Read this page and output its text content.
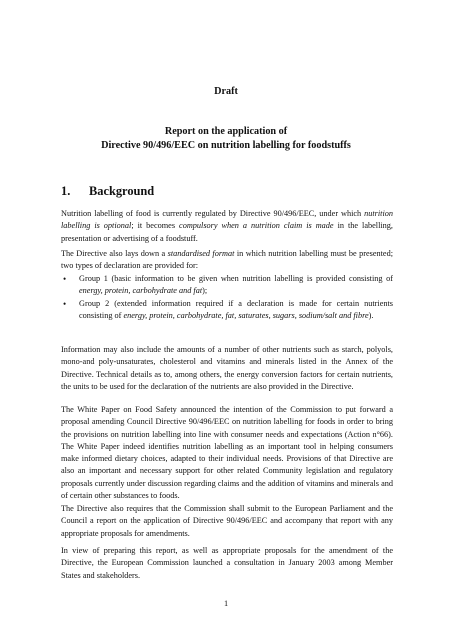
Draft
Report on the application of
Directive 90/496/EEC on nutrition labelling for foodstuffs
1. Background

Nutrition labelling of food is currently regulated by Directive 90/496/EEC, under which nutrition labelling is optional; it becomes compulsory when a nutrition claim is made in the labelling, presentation or advertising of a foodstuff.

The Directive also lays down a standardised format in which nutrition labelling must be presented; two types of declaration are provided for:

• Group 1 (basic information to be given when nutrition labelling is provided consisting of energy, protein, carbohydrate and fat);
• Group 2 (extended information required if a declaration is made for certain nutrients consisting of energy, protein, carbohydrate, fat, saturates, sugars, sodium/salt and fibre).

Information may also include the amounts of a number of other nutrients such as starch, polyols, mono-and poly-unsaturates, cholesterol and vitamins and minerals listed in the Annex of the Directive. Technical details as to, among others, the energy conversion factors for certain nutrients, the units to be used for the declaration of the nutrients are also provided in the Directive.

The White Paper on Food Safety announced the intention of the Commission to put forward a proposal amending Council Directive 90/496/EEC on nutrition labelling for foods in order to bring the provisions on nutrition labelling into line with consumer needs and expectations (Action n°66). The White Paper indeed identifies nutrition labelling as an important tool in helping consumers make informed dietary choices, adapted to their individual needs. Provisions of that Directive are also an important and necessary support for other related Community legislation and regulatory proposals currently under discussion regarding claims and the addition of vitamins and minerals and of certain other substances to foods.

The Directive also requires that the Commission shall submit to the European Parliament and the Council a report on the application of Directive 90/496/EEC and accompany that report with any appropriate proposals for amendments.

In view of preparing this report, as well as appropriate proposals for the amendment of the Directive, the European Commission launched a consultation in January 2003 among Member States and stakeholders.

1
